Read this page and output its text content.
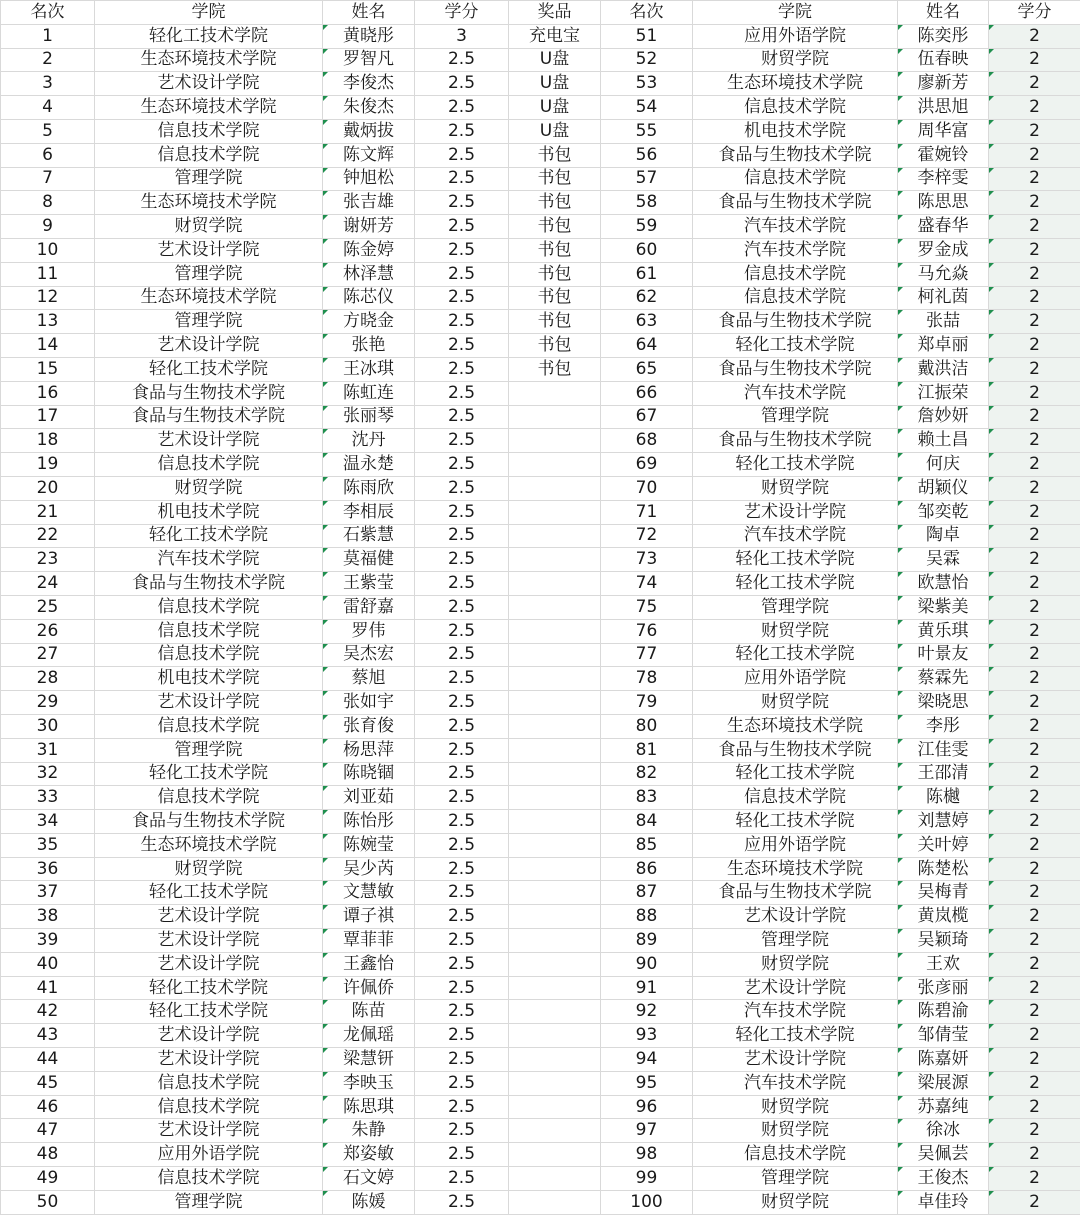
名次	学院	姓名	学分	奖品	名次	学院	姓名	学分
1	轻化工技术学院	黄晓彤	3	充电宝	51	应用外语学院	陈奕彤	2
2	生态环境技术学院	罗智凡	2.5	U盘	52	财贸学院	伍春映	2
3	艺术设计学院	李俊杰	2.5	U盘	53	生态环境技术学院	廖新芳	2
4	生态环境技术学院	朱俊杰	2.5	U盘	54	信息技术学院	洪思旭	2
5	信息技术学院	戴炳拔	2.5	U盘	55	机电技术学院	周华富	2
6	信息技术学院	陈文辉	2.5	书包	56	食品与生物技术学院	霍婉铃	2
7	管理学院	钟旭松	2.5	书包	57	信息技术学院	李梓雯	2
8	生态环境技术学院	张吉雄	2.5	书包	58	食品与生物技术学院	陈思思	2
9	财贸学院	谢妍芳	2.5	书包	59	汽车技术学院	盛春华	2
10	艺术设计学院	陈金婷	2.5	书包	60	汽车技术学院	罗金成	2
11	管理学院	林泽慧	2.5	书包	61	信息技术学院	马允焱	2
12	生态环境技术学院	陈芯仪	2.5	书包	62	信息技术学院	柯礼茵	2
13	管理学院	方晓金	2.5	书包	63	食品与生物技术学院	张喆	2
14	艺术设计学院	张艳	2.5	书包	64	轻化工技术学院	郑卓丽	2
15	轻化工技术学院	王冰琪	2.5	书包	65	食品与生物技术学院	戴洪洁	2
16	食品与生物技术学院	陈虹连	2.5		66	汽车技术学院	江振荣	2
17	食品与生物技术学院	张丽琴	2.5		67	管理学院	詹妙妍	2
18	艺术设计学院	沈丹	2.5		68	食品与生物技术学院	赖土昌	2
19	信息技术学院	温永楚	2.5		69	轻化工技术学院	何庆	2
20	财贸学院	陈雨欣	2.5		70	财贸学院	胡颖仪	2
21	机电技术学院	李相辰	2.5		71	艺术设计学院	邹奕乾	2
22	轻化工技术学院	石紫慧	2.5		72	汽车技术学院	陶卓	2
23	汽车技术学院	莫福健	2.5		73	轻化工技术学院	吴霖	2
24	食品与生物技术学院	王紫莹	2.5		74	轻化工技术学院	欧慧怡	2
25	信息技术学院	雷舒嘉	2.5		75	管理学院	梁紫美	2
26	信息技术学院	罗伟	2.5		76	财贸学院	黄乐琪	2
27	信息技术学院	吴杰宏	2.5		77	轻化工技术学院	叶景友	2
28	机电技术学院	蔡旭	2.5		78	应用外语学院	蔡霖先	2
29	艺术设计学院	张如宇	2.5		79	财贸学院	梁晓思	2
30	信息技术学院	张育俊	2.5		80	生态环境技术学院	李彤	2
31	管理学院	杨思萍	2.5		81	食品与生物技术学院	江佳雯	2
32	轻化工技术学院	陈晓锢	2.5		82	轻化工技术学院	王邵清	2
33	信息技术学院	刘亚茹	2.5		83	信息技术学院	陈樾	2
34	食品与生物技术学院	陈怡彤	2.5		84	轻化工技术学院	刘慧婷	2
35	生态环境技术学院	陈婉莹	2.5		85	应用外语学院	关叶婷	2
36	财贸学院	吴少芮	2.5		86	生态环境技术学院	陈楚松	2
37	轻化工技术学院	文慧敏	2.5		87	食品与生物技术学院	吴梅青	2
38	艺术设计学院	谭子祺	2.5		88	艺术设计学院	黄岚榄	2
39	艺术设计学院	覃菲菲	2.5		89	管理学院	吴颖琦	2
40	艺术设计学院	王鑫怡	2.5		90	财贸学院	王欢	2
41	轻化工技术学院	许佩侨	2.5		91	艺术设计学院	张彦丽	2
42	轻化工技术学院	陈苗	2.5		92	汽车技术学院	陈碧渝	2
43	艺术设计学院	龙佩瑶	2.5		93	轻化工技术学院	邹倩莹	2
44	艺术设计学院	梁慧钘	2.5		94	艺术设计学院	陈嘉妍	2
45	信息技术学院	李映玉	2.5		95	汽车技术学院	梁展源	2
46	信息技术学院	陈思琪	2.5		96	财贸学院	苏嘉纯	2
47	艺术设计学院	朱静	2.5		97	财贸学院	徐冰	2
48	应用外语学院	郑姿敏	2.5		98	信息技术学院	吴佩芸	2
49	信息技术学院	石文婷	2.5		99	管理学院	王俊杰	2
50	管理学院	陈媛	2.5		100	财贸学院	卓佳玲	2
